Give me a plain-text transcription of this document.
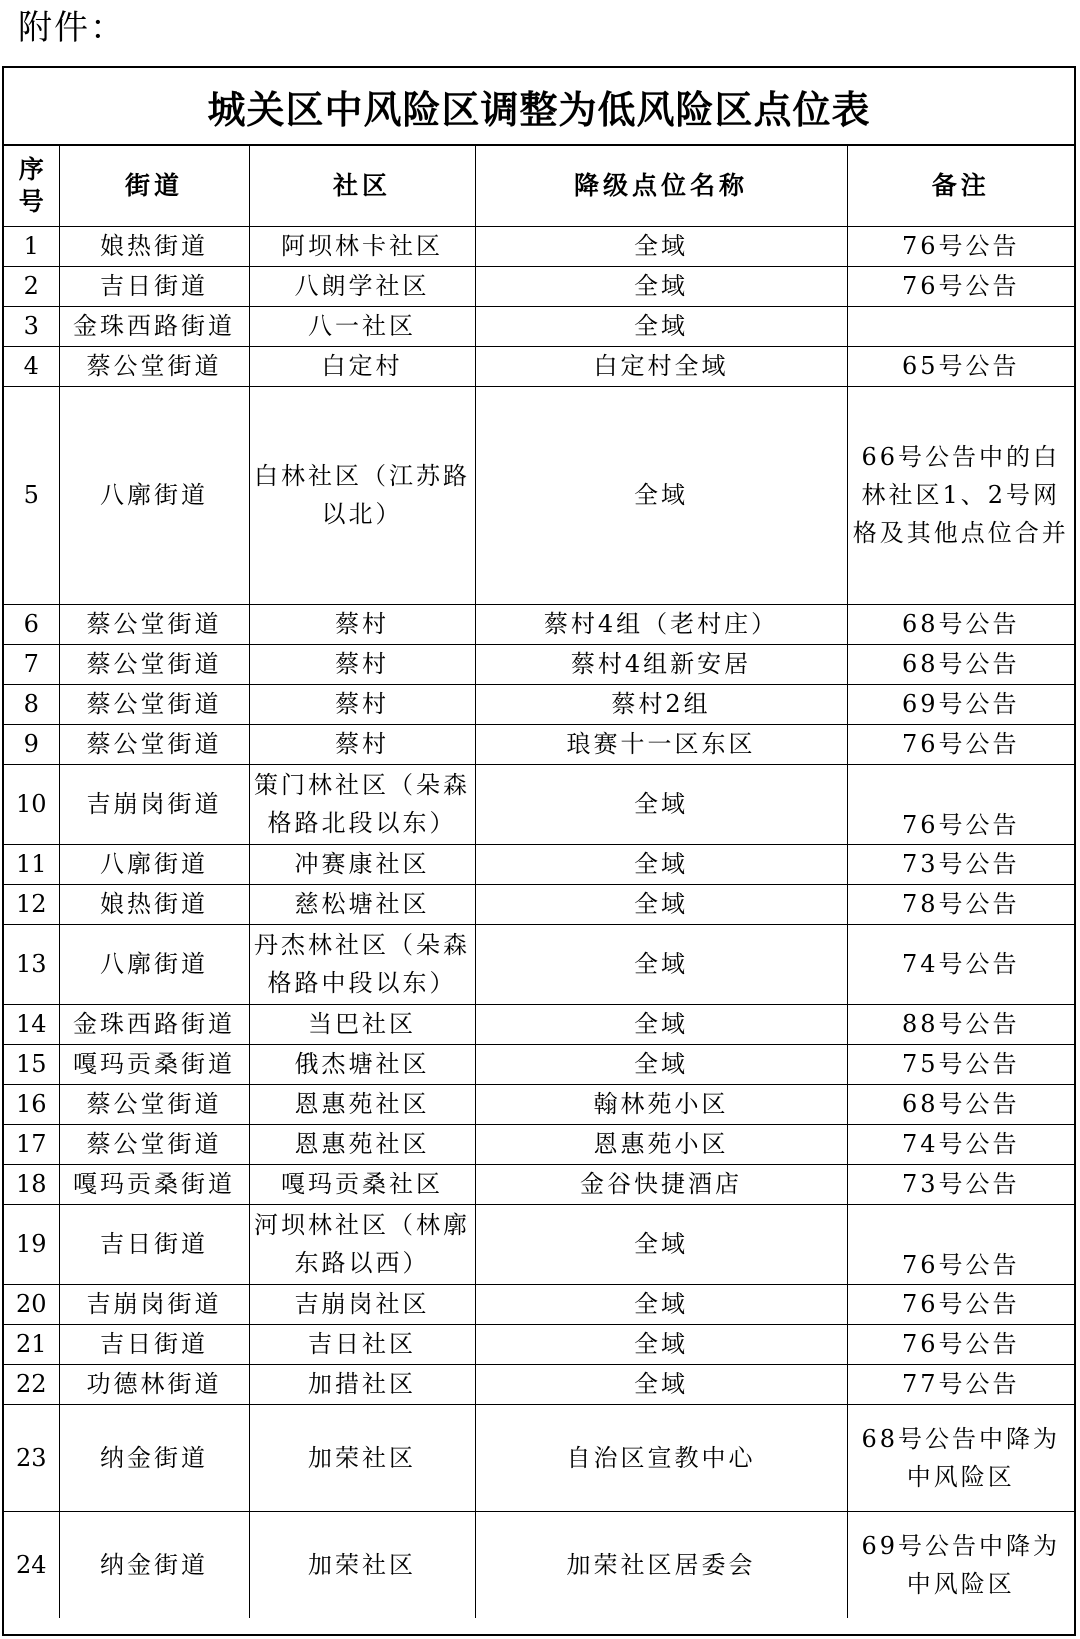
附件：
城关区中风险区调整为低风险区点位表
序号	街道	社区	降级点位名称	备注
1	娘热街道	阿坝林卡社区	全域	76号公告
2	吉日街道	八朗学社区	全域	76号公告
3	金珠西路街道	八一社区	全域	
4	蔡公堂街道	白定村	白定村全域	65号公告
5	八廓街道	白林社区（江苏路以北）	全域	66号公告中的白林社区1、2号网格及其他点位合并
6	蔡公堂街道	蔡村	蔡村4组（老村庄）	68号公告
7	蔡公堂街道	蔡村	蔡村4组新安居	68号公告
8	蔡公堂街道	蔡村	蔡村2组	69号公告
9	蔡公堂街道	蔡村	琅赛十一区东区	76号公告
10	吉崩岗街道	策门林社区（朵森格路北段以东）	全域	76号公告
11	八廓街道	冲赛康社区	全域	73号公告
12	娘热街道	慈松塘社区	全域	78号公告
13	八廓街道	丹杰林社区（朵森格路中段以东）	全域	74号公告
14	金珠西路街道	当巴社区	全域	88号公告
15	嘎玛贡桑街道	俄杰塘社区	全域	75号公告
16	蔡公堂街道	恩惠苑社区	翰林苑小区	68号公告
17	蔡公堂街道	恩惠苑社区	恩惠苑小区	74号公告
18	嘎玛贡桑街道	嘎玛贡桑社区	金谷快捷酒店	73号公告
19	吉日街道	河坝林社区（林廓东路以西）	全域	76号公告
20	吉崩岗街道	吉崩岗社区	全域	76号公告
21	吉日街道	吉日社区	全域	76号公告
22	功德林街道	加措社区	全域	77号公告
23	纳金街道	加荣社区	自治区宣教中心	68号公告中降为中风险区
24	纳金街道	加荣社区	加荣社区居委会	69号公告中降为中风险区
